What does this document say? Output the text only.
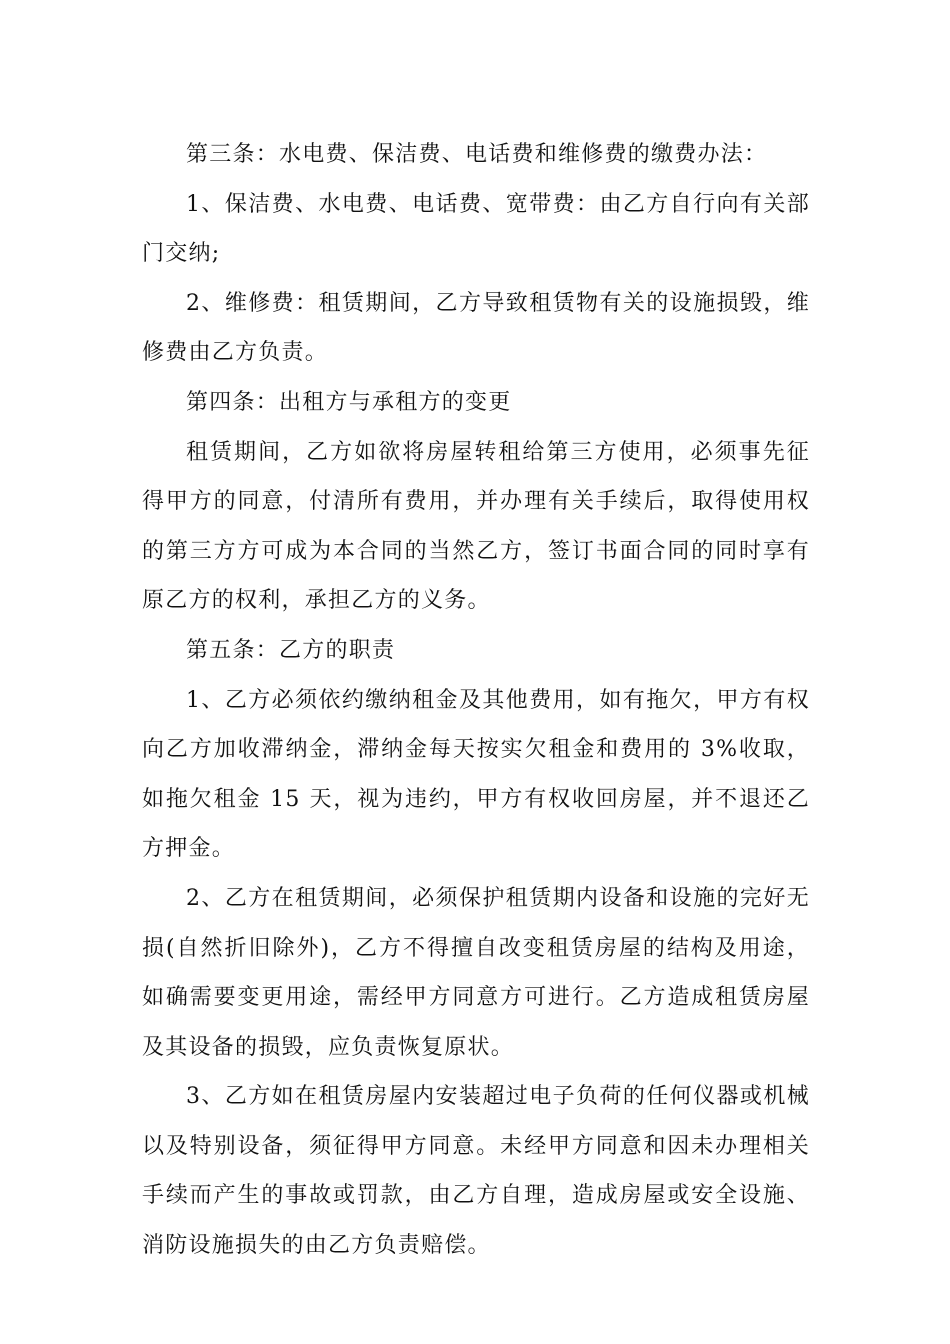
第三条：水电费、保洁费、电话费和维修费的缴费办法：

1、保洁费、水电费、电话费、宽带费：由乙方自行向有关部门交纳;

2、维修费：租赁期间，乙方导致租赁物有关的设施损毁，维修费由乙方负责。

第四条：出租方与承租方的变更

租赁期间，乙方如欲将房屋转租给第三方使用，必须事先征得甲方的同意，付清所有费用，并办理有关手续后，取得使用权的第三方方可成为本合同的当然乙方，签订书面合同的同时享有原乙方的权利，承担乙方的义务。

第五条：乙方的职责

1、乙方必须依约缴纳租金及其他费用，如有拖欠，甲方有权向乙方加收滞纳金，滞纳金每天按实欠租金和费用的 3%收取，如拖欠租金 15 天，视为违约，甲方有权收回房屋，并不退还乙方押金。

2、乙方在租赁期间，必须保护租赁期内设备和设施的完好无损(自然折旧除外)，乙方不得擅自改变租赁房屋的结构及用途，如确需要变更用途，需经甲方同意方可进行。乙方造成租赁房屋及其设备的损毁，应负责恢复原状。

3、乙方如在租赁房屋内安装超过电子负荷的任何仪器或机械以及特别设备，须征得甲方同意。未经甲方同意和因未办理相关手续而产生的事故或罚款，由乙方自理，造成房屋或安全设施、消防设施损失的由乙方负责赔偿。
